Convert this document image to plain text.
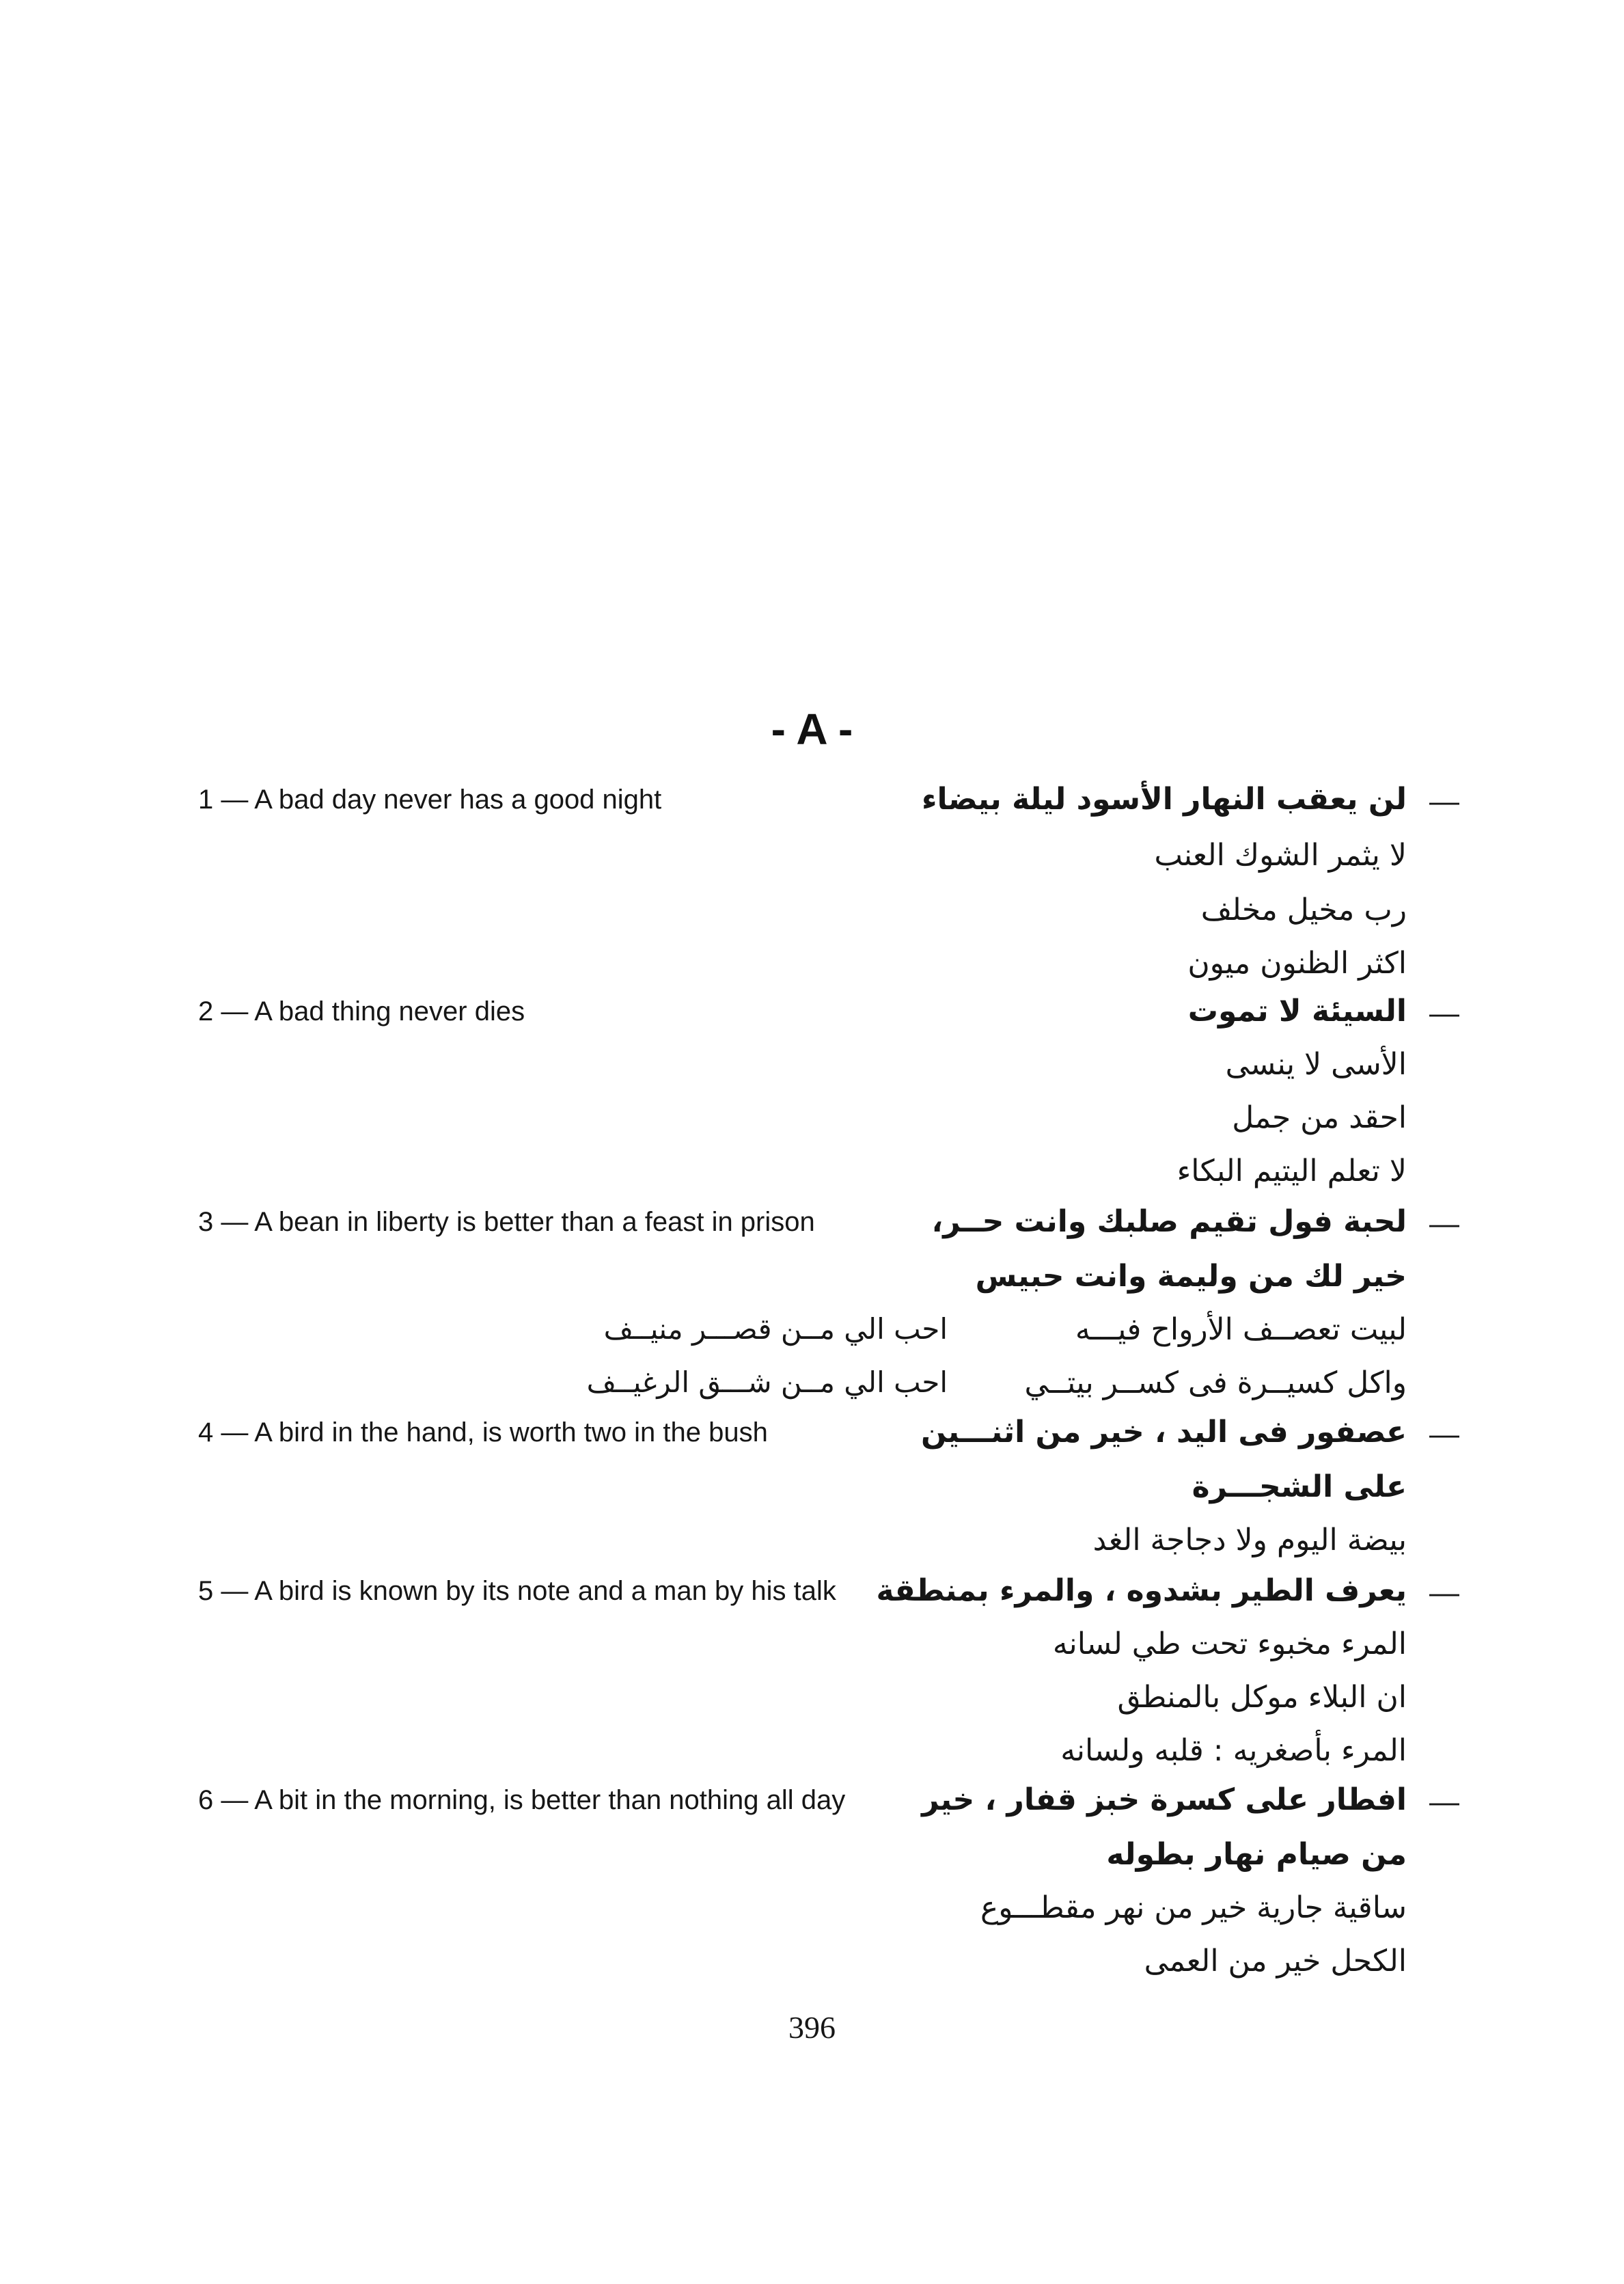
- A -
1 — A bad day never has a good night	—
لن يعقب النهار الأسود ليلة بيضاء
لا يثمر الشوك العنب
رب مخيل مخلف
اكثر الظنون ميون
2 — A bad thing never dies	—
السيئة لا تموت
الأسى لا ينسى
احقد من جمل
لا تعلم اليتيم البكاء
3 — A bean in liberty is better than a feast in prison	—
لحبة فول تقيم صلبك وانت حــر،
خير لك من وليمة وانت حبيس
لبيت تعصــف الأرواح فيـــه
احب الي مــن قصـــر منيــف
واكل كسيــرة فى كســر بيتــي
احب الي مــن شـــق الرغيــف
4 — A bird in the hand, is worth two in the bush	—
عصفور فى اليد ، خير من اثنـــين
على الشجـــرة
بيضة اليوم ولا دجاجة الغد
5 — A bird is known by its note and a man by his talk	—
يعرف الطير بشدوه ، والمرء بمنطقة
المرء مخبوء تحت طي لسانه
ان البلاء موكل بالمنطق
المرء بأصغريه : قلبه ولسانه
6 — A bit in the morning, is better than nothing all day	—
افطار على كسرة خبز قفار ، خير
من صيام نهار بطوله
ساقية جارية خير من نهر مقطـــوع
الكحل خير من العمى
396
